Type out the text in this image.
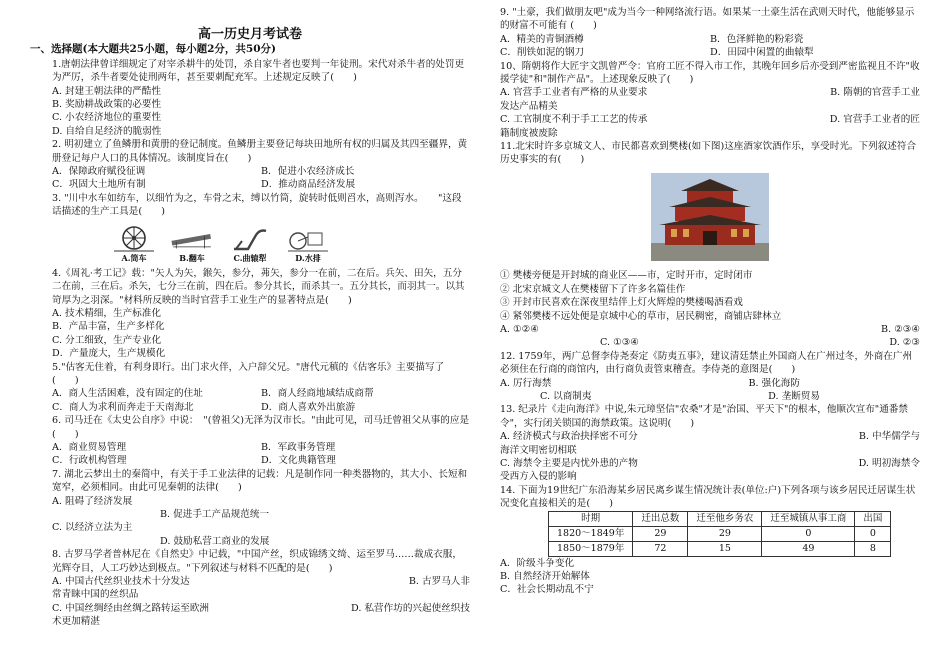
高一历史月考试卷
一、选择题(本大题共25小题，每小题2分，共50分)
1.唐朝法律曾详细规定了对宰杀耕牛的处罚，杀自家牛者也要判一年徒刑。宋代对杀牛者的处罚更为严厉，杀牛者要处徒刑两年，甚至要刺配充军。上述规定反映了(　　)
A. 封建王朝法律的严酷性
B. 奖励耕战政策的必要性
C. 小农经济地位的重要性
D. 自给自足经济的脆弱性
2. 明初建立了鱼鳞册和黄册的登记制度。鱼鳞册主要登记每块田地所有权的归属及其四至疆界，黄册登记每户人口的具体情况。该制度旨在(　　)
A．保障政府赋役征调	B．促进小农经济成长
C．巩固大土地所有制	D．推动商品经济发展
3. "川中水车如纺车，以细竹为之，车骨之末，缚以竹筒，旋转时低则舀水，高则泻水。　　"这段话描述的生产工具是(　　)
A.筒车	B.翻车	C.曲辕犁	D.水排
4.《周礼·考工记》载："矢人为矢，鍭矢，参分，茀矢，参分一在前，二在后。兵矢、田矢，五分二在前，三在后。杀矢，七分三在前，四在后。参分其长，而杀其一。五分其长，而羽其一。以其笴厚为之羽深。"材料所反映的当时官营手工业生产的显著特点是(　　)
A. 技术精细，生产标准化
B．产品丰富，生产多样化
C. 分工细致，生产专业化
D．产量庞大，生产规模化
5."估客无住着，有利身即行。出门求火伴，入户辞父兄。"唐代元稹的《估客乐》主要描写了(　　)
A．商人生活困难，没有固定的住址	B．商人经商地域结成商帮
C．商人为求利而奔走于天南海北	D．商人喜欢外出旅游
6. 司马迁在《太史公自序》中说：　"(曾祖父)无泽为汉市长。"由此可见，司马迁曾祖父从事的应是(　　)
A．商业贸易管理	B．军政事务管理
C．行政机构管理	D．文化典籍管理
7. 湖北云梦出土的秦简中，有关于手工业法律的记载：凡是制作同一种类器物的，其大小、长短和宽窄，必须相同。由此可见秦朝的法律(　　)
A. 阻碍了经济发展
B. 促进手工产品规范统一
C. 以经济立法为主
D. 鼓励私营工商业的发展
8. 古罗马学者普林尼在《自然史》中记载，"中国产丝，织成锦绣文绮、运至罗马……裁成衣服，光辉夺目，人工巧妙达到极点。"下列叙述与材料不匹配的是(　　)
A. 中国古代丝织业技术十分发达	B. 古罗马人非
常青睐中国的丝织品
C. 中国丝绸经由丝绸之路转运至欧洲	D. 私营作坊的兴起使丝织技
术更加精湛
9. "土豪，我们做朋友吧"成为当今一种网络流行语。如果某一土豪生活在武则天时代，他能够显示的财富不可能有 (　　)
A．精美的青铜酒樽	B．色泽鲜艳的粉彩瓷
C．削铁如泥的钢刀	D．田园中闲置的曲辕犁
10、隋朝将作大匠宇文凯曾严令：官府工匠不得入市工作，其晚年回乡后亦受到严密监视且不许"收援学徒"和"制作产品"。上述现象反映了(　　)
A. 官营手工业者有严格的从业要求	B. 隋朝的官营手工业
发达产品精美
C. 工官制度不利于手工工艺的传承	D. 官营手工业者的匠
籍制度被废除
11.北宋时许多京城文人、市民都喜欢到樊楼(如下图)这座酒家饮酒作乐，享受时光。下列叙述符合历史事实的有(　　)
① 樊楼旁便是开封城的商业区——市，定时开市，定时闭市
② 北宋京城文人在樊楼留下了许多名篇佳作
③ 开封市民喜欢在深夜里结伴上灯火辉煌的樊楼喝酒看戏
④ 紧邻樊楼不远处便是京城中心的草市，居民稠密，商铺店肆林立
A. ①②④	B. ②③④
C. ①③④	D. ②③
12. 1759年，两广总督李侍尧奏定《防夷五事》，建议清廷禁止外国商人在广州过冬，外商在广州必须住在行商的商馆内，由行商负责管束稽查。李侍尧的意图是(　　)
A. 厉行海禁	B. 强化海防
C. 以商制夷	D. 垄断贸易
13. 纪录片《走向海洋》中说,朱元璋坚信"农桑"才是"治国、平天下"的根本，他顺次宣布"通番禁令"，实行闭关锁国的海禁政策。这说明(　　)
A. 经济模式与政治抉择密不可分	B. 中华儒学与
海洋文明密切相联
C. 海禁令主要是内忧外患的产物	D. 明初海禁令
受西方入侵的影响
14. 下面为19世纪广东沿海某乡居民离乡谋生情况统计表(单位:户)下列各项与该乡居民迁居谋生状况变化直接相关的是(　　)
时期	迁出总数	迁至他乡务农	迁至城镇从事工商	出国
1820～1849年	29	29	0	0
1850～1879年	72	15	49	8
A．阶级斗争变化
B. 自然经济开始解体
C．社会长期动乱不宁
